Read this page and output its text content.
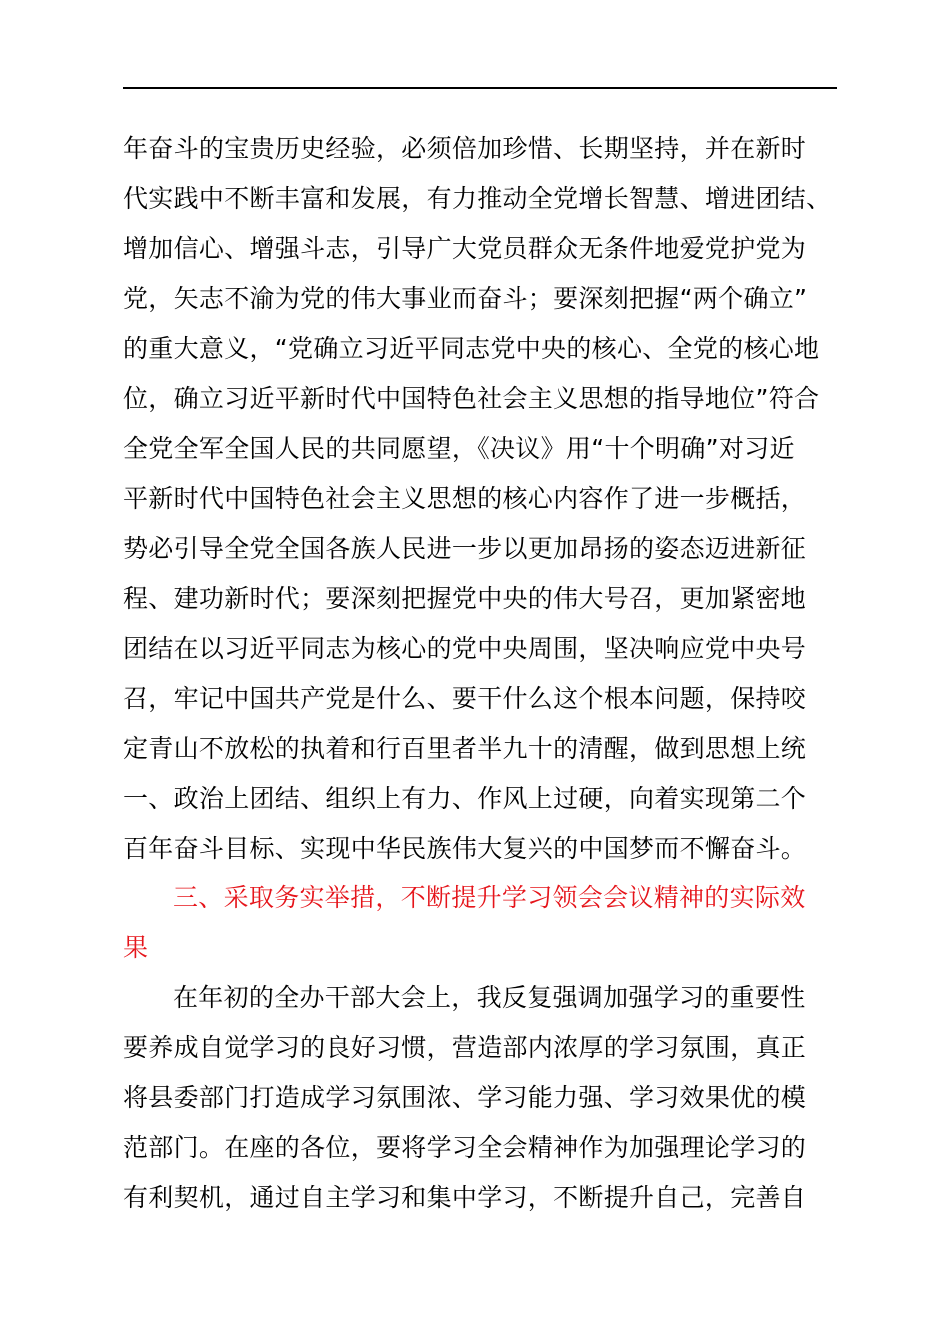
年奋斗的宝贵历史经验，必须倍加珍惜、长期坚持，并在新时
代实践中不断丰富和发展，有力推动全党增长智慧、增进团结、
增加信心、增强斗志，引导广大党员群众无条件地爱党护党为
党，矢志不渝为党的伟大事业而奋斗；要深刻把握“两个确立”
的重大意义，“党确立习近平同志党中央的核心、全党的核心地
位，确立习近平新时代中国特色社会主义思想的指导地位”符合
全党全军全国人民的共同愿望，《决议》用“十个明确”对习近
平新时代中国特色社会主义思想的核心内容作了进一步概括，
势必引导全党全国各族人民进一步以更加昂扬的姿态迈进新征
程、建功新时代；要深刻把握党中央的伟大号召，更加紧密地
团结在以习近平同志为核心的党中央周围，坚决响应党中央号
召，牢记中国共产党是什么、要干什么这个根本问题，保持咬
定青山不放松的执着和行百里者半九十的清醒，做到思想上统
一、政治上团结、组织上有力、作风上过硬，向着实现第二个
百年奋斗目标、实现中华民族伟大复兴的中国梦而不懈奋斗。
三、采取务实举措，不断提升学习领会会议精神的实际效
果
在年初的全办干部大会上，我反复强调加强学习的重要性
要养成自觉学习的良好习惯，营造部内浓厚的学习氛围，真正
将县委部门打造成学习氛围浓、学习能力强、学习效果优的模
范部门。在座的各位，要将学习全会精神作为加强理论学习的
有利契机，通过自主学习和集中学习，不断提升自己，完善自
